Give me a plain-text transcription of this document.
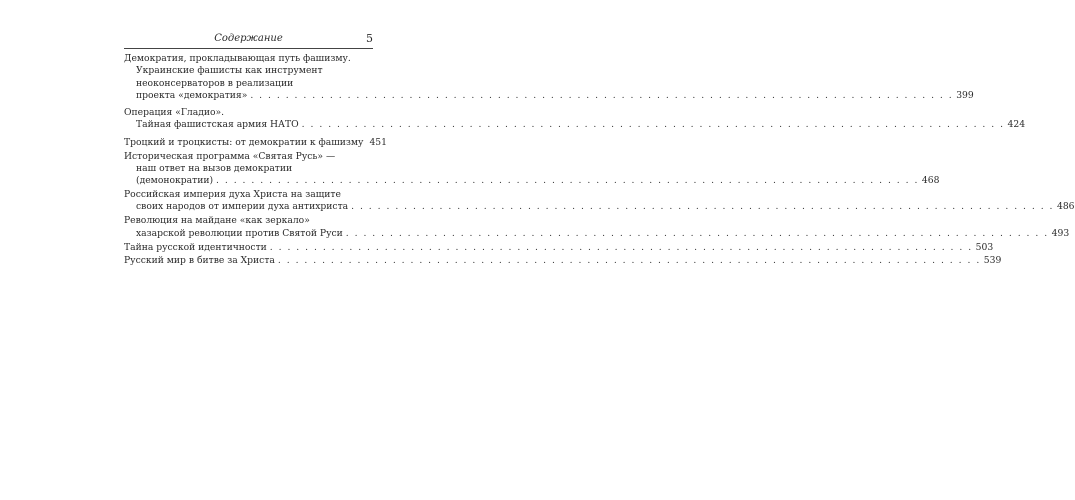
Содержание	5
Демократия, прокладывающая путь фашизму.
Украинские фашисты как инструмент
неоконсерваторов в реализации
проекта «демократия» . . .	399
Операция «Гладио».
Тайная фашистская армия НАТО . . .	424
Троцкий и троцкисты: от демократии к фашизму 451
Историческая программа «Святая Русь» —
наш ответ на вызов демократии
(демонократии) . . .	468
Российская империя духа Христа на защите
своих народов от империи духа антихриста . . .	486
Революция на майдане «как зеркало»
хазарской революции против Святой Руси . . .	493
Тайна русской идентичности . . .	503
Русский мир в битве за Христа . . .	539
